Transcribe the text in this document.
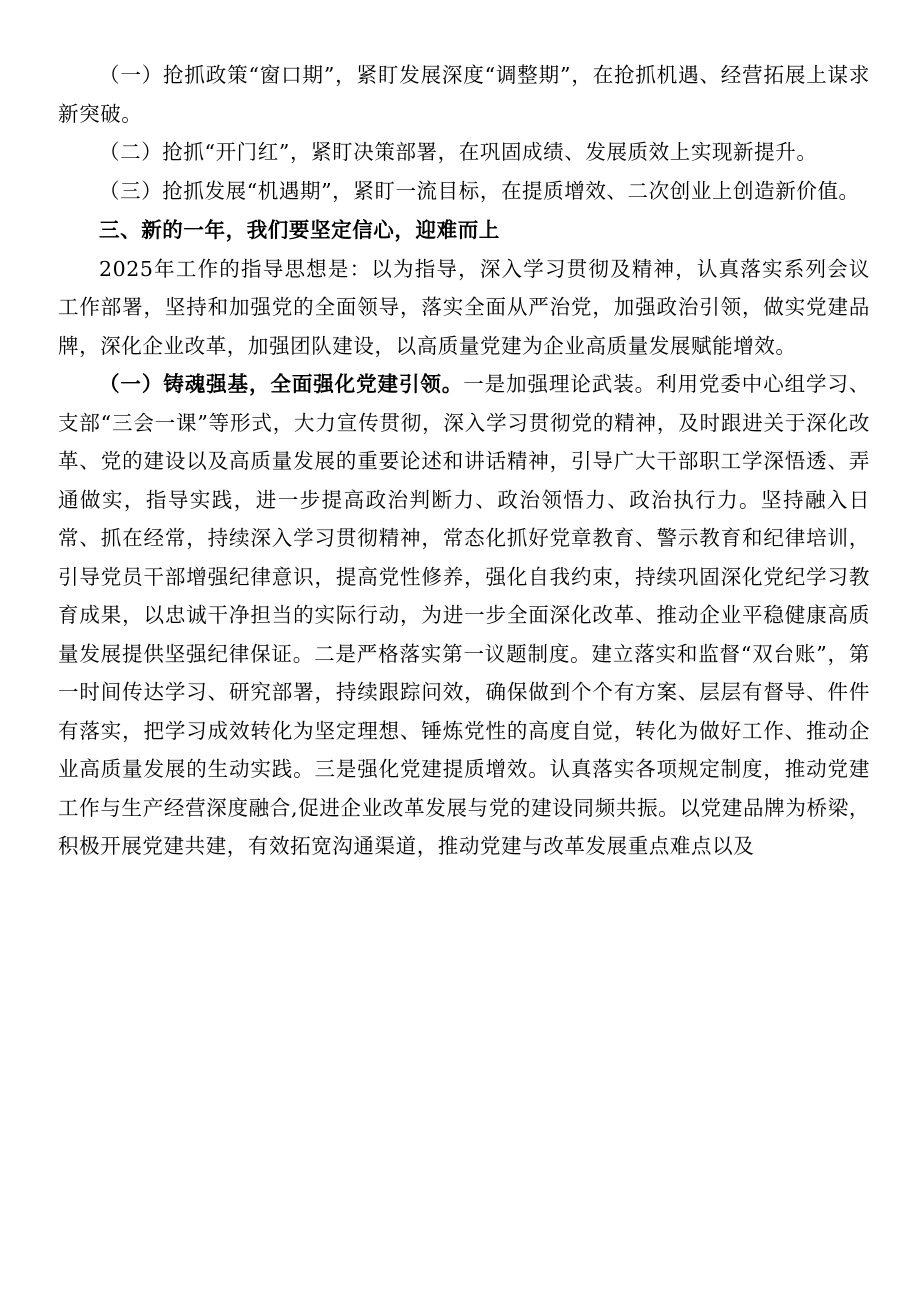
（一）抢抓政策“窗口期”，紧盯发展深度“调整期”，在抢抓机遇、经营拓展上谋求新突破。

（二）抢抓“开门红”，紧盯决策部署，在巩固成绩、发展质效上实现新提升。

（三）抢抓发展“机遇期”，紧盯一流目标，在提质增效、二次创业上创造新价值。

三、新的一年，我们要坚定信心，迎难而上

2025年工作的指导思想是：以为指导，深入学习贯彻及精神，认真落实系列会议工作部署，坚持和加强党的全面领导，落实全面从严治党，加强政治引领，做实党建品牌，深化企业改革，加强团队建设，以高质量党建为企业高质量发展赋能增效。

（一）铸魂强基，全面强化党建引领。一是加强理论武装。利用党委中心组学习、支部“三会一课”等形式，大力宣传贯彻，深入学习贯彻党的精神，及时跟进关于深化改革、党的建设以及高质量发展的重要论述和讲话精神，引导广大干部职工学深悟透、弄通做实，指导实践，进一步提高政治判断力、政治领悟力、政治执行力。坚持融入日常、抓在经常，持续深入学习贯彻精神，常态化抓好党章教育、警示教育和纪律培训，引导党员干部增强纪律意识，提高党性修养，强化自我约束，持续巩固深化党纪学习教育成果，以忠诚干净担当的实际行动，为进一步全面深化改革、推动企业平稳健康高质量发展提供坚强纪律保证。二是严格落实第一议题制度。建立落实和监督“双台账”，第一时间传达学习、研究部署，持续跟踪问效，确保做到个个有方案、层层有督导、件件有落实，把学习成效转化为坚定理想、锤炼党性的高度自觉，转化为做好工作、推动企业高质量发展的生动实践。三是强化党建提质增效。认真落实各项规定制度，推动党建工作与生产经营深度融合,促进企业改革发展与党的建设同频共振。以党建品牌为桥梁，积极开展党建共建，有效拓宽沟通渠道，推动党建与改革发展重点难点以及
